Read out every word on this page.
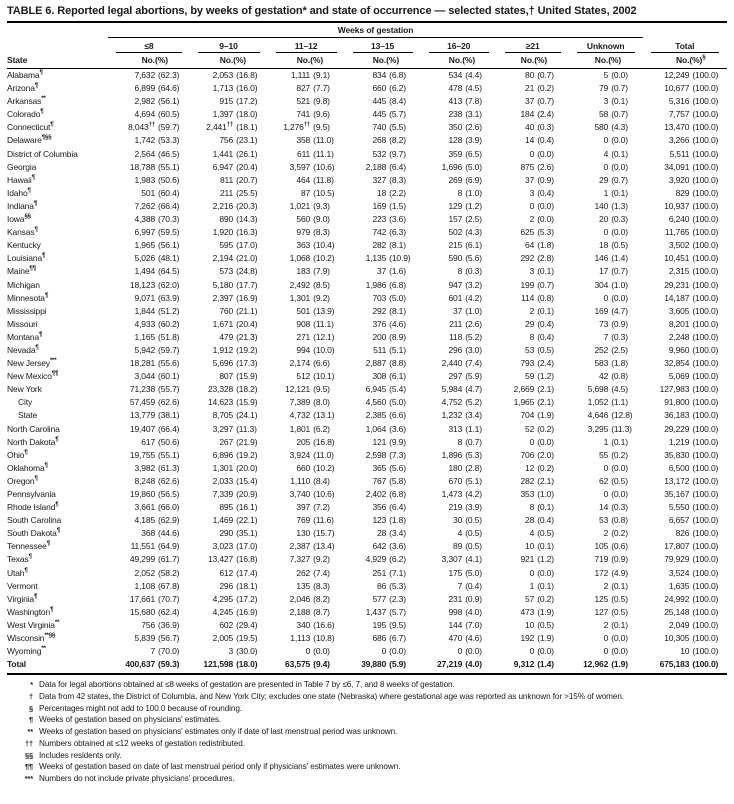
TABLE 6. Reported legal abortions, by weeks of gestation* and state of occurrence — selected states,† United States, 2002
	Weeks of gestation															

	≤8		9–10		11–12		13–15		16–20		≥21		Unknown		Total	

State	No.	(%)	No.	(%)	No.	(%)	No.	(%)	No.	(%)	No.	(%)	No.	(%)	No.	(%)§
Alabama¶	7,632	(62.3)	2,053	(16.8)	1,111	(9.1)	834	(6.8)	534	(4.4)	80	(0.7)	5	(0.0)	12,249	(100.0)
Arizona¶	6,899	(64.6)	1,713	(16.0)	827	(7.7)	660	(6.2)	478	(4.5)	21	(0.2)	79	(0.7)	10,677	(100.0)
Arkansas**	2,982	(56.1)	915	(17.2)	521	(9.8)	445	(8.4)	413	(7.8)	37	(0.7)	3	(0.1)	5,316	(100.0)
Colorado¶	4,694	(60.5)	1,397	(18.0)	741	(9.6)	445	(5.7)	238	(3.1)	184	(2.4)	58	(0.7)	7,757	(100.0)
Connecticut¶	8,043††	(59.7)	2,441††	(18.1)	1,276††	(9.5)	740	(5.5)	350	(2.6)	40	(0.3)	580	(4.3)	13,470	(100.0)
Delaware¶§§	1,742	(53.3)	756	(23.1)	358	(11.0)	268	(8.2)	128	(3.9)	14	(0.4)	0	(0.0)	3,266	(100.0)
District of Columbia	2,564	(46.5)	1,441	(26.1)	611	(11.1)	532	(9.7)	359	(6.5)	0	(0.0)	4	(0.1)	5,511	(100.0)
Georgia	18,788	(55.1)	6,947	(20.4)	3,597	(10.6)	2,188	(6.4)	1,696	(5.0)	875	(2.6)	0	(0.0)	34,091	(100.0)
Hawaii¶	1,983	(50.6)	811	(20.7)	464	(11.8)	327	(8.3)	269	(6.9)	37	(0.9)	29	(0.7)	3,920	(100.0)
Idaho¶	501	(60.4)	211	(25.5)	87	(10.5)	18	(2.2)	8	(1.0)	3	(0.4)	1	(0.1)	829	(100.0)
Indiana¶	7,262	(66.4)	2,216	(20.3)	1,021	(9.3)	169	(1.5)	129	(1.2)	0	(0.0)	140	(1.3)	10,937	(100.0)
Iowa§§	4,388	(70.3)	890	(14.3)	560	(9.0)	223	(3.6)	157	(2.5)	2	(0.0)	20	(0.3)	6,240	(100.0)
Kansas¶	6,997	(59.5)	1,920	(16.3)	979	(8.3)	742	(6.3)	502	(4.3)	625	(5.3)	0	(0.0)	11,765	(100.0)
Kentucky	1,965	(56.1)	595	(17.0)	363	(10.4)	282	(8.1)	215	(6.1)	64	(1.8)	18	(0.5)	3,502	(100.0)
Louisiana¶	5,026	(48.1)	2,194	(21.0)	1,068	(10.2)	1,135	(10.9)	590	(5.6)	292	(2.8)	146	(1.4)	10,451	(100.0)
Maine¶¶	1,494	(64.5)	573	(24.8)	183	(7.9)	37	(1.6)	8	(0.3)	3	(0.1)	17	(0.7)	2,315	(100.0)
Michigan	18,123	(62.0)	5,180	(17.7)	2,492	(8.5)	1,986	(6.8)	947	(3.2)	199	(0.7)	304	(1.0)	29,231	(100.0)
Minnesota¶	9,071	(63.9)	2,397	(16.9)	1,301	(9.2)	703	(5.0)	601	(4.2)	114	(0.8)	0	(0.0)	14,187	(100.0)
Mississippi	1,844	(51.2)	760	(21.1)	501	(13.9)	292	(8.1)	37	(1.0)	2	(0.1)	169	(4.7)	3,605	(100.0)
Missouri	4,933	(60.2)	1,671	(20.4)	908	(11.1)	376	(4.6)	211	(2.6)	29	(0.4)	73	(0.9)	8,201	(100.0)
Montana¶	1,165	(51.8)	479	(21.3)	271	(12.1)	200	(8.9)	118	(5.2)	8	(0.4)	7	(0.3)	2,248	(100.0)
Nevada¶	5,942	(59.7)	1,912	(19.2)	994	(10.0)	511	(5.1)	296	(3.0)	53	(0.5)	252	(2.5)	9,960	(100.0)
New Jersey***	18,281	(55.6)	5,696	(17.3)	2,174	(6.6)	2,887	(8.8)	2,440	(7.4)	793	(2.4)	583	(1.8)	32,854	(100.0)
New Mexico¶¶	3,044	(60.1)	807	(15.9)	512	(10.1)	308	(6.1)	297	(5.9)	59	(1.2)	42	(0.8)	5,069	(100.0)
New York	71,238	(55.7)	23,328	(18.2)	12,121	(9.5)	6,945	(5.4)	5,984	(4.7)	2,669	(2.1)	5,698	(4.5)	127,983	(100.0)
City	57,459	(62.6)	14,623	(15.9)	7,389	(8.0)	4,560	(5.0)	4,752	(5.2)	1,965	(2.1)	1,052	(1.1)	91,800	(100.0)
State	13,779	(38.1)	8,705	(24.1)	4,732	(13.1)	2,385	(6.6)	1,232	(3.4)	704	(1.9)	4,646	(12.8)	36,183	(100.0)
North Carolina	19,407	(66.4)	3,297	(11.3)	1,801	(6.2)	1,064	(3.6)	313	(1.1)	52	(0.2)	3,295	(11.3)	29,229	(100.0)
North Dakota¶	617	(50.6)	267	(21.9)	205	(16.8)	121	(9.9)	8	(0.7)	0	(0.0)	1	(0.1)	1,219	(100.0)
Ohio¶	19,755	(55.1)	6,896	(19.2)	3,924	(11.0)	2,598	(7.3)	1,896	(5.3)	706	(2.0)	55	(0.2)	35,830	(100.0)
Oklahoma¶	3,982	(61.3)	1,301	(20.0)	660	(10.2)	365	(5.6)	180	(2.8)	12	(0.2)	0	(0.0)	6,500	(100.0)
Oregon¶	8,248	(62.6)	2,033	(15.4)	1,110	(8.4)	767	(5.8)	670	(5.1)	282	(2.1)	62	(0.5)	13,172	(100.0)
Pennsylvania	19,860	(56.5)	7,339	(20.9)	3,740	(10.6)	2,402	(6.8)	1,473	(4.2)	353	(1.0)	0	(0.0)	35,167	(100.0)
Rhode Island¶	3,661	(66.0)	895	(16.1)	397	(7.2)	356	(6.4)	219	(3.9)	8	(0.1)	14	(0.3)	5,550	(100.0)
South Carolina	4,185	(62.9)	1,469	(22.1)	769	(11.6)	123	(1.8)	30	(0.5)	28	(0.4)	53	(0.8)	6,657	(100.0)
South Dakota¶	368	(44.6)	290	(35.1)	130	(15.7)	28	(3.4)	4	(0.5)	4	(0.5)	2	(0.2)	826	(100.0)
Tennessee¶	11,551	(64.9)	3,023	(17.0)	2,387	(13.4)	642	(3.6)	89	(0.5)	10	(0.1)	105	(0.6)	17,807	(100.0)
Texas¶	49,299	(61.7)	13,427	(16.8)	7,327	(9.2)	4,929	(6.2)	3,307	(4.1)	921	(1.2)	719	(0.9)	79,929	(100.0)
Utah¶	2,052	(58.2)	612	(17.4)	262	(7.4)	251	(7.1)	175	(5.0)	0	(0.0)	172	(4.9)	3,524	(100.0)
Vermont	1,108	(67.8)	296	(18.1)	135	(8.3)	86	(5.3)	7	(0.4)	1	(0.1)	2	(0.1)	1,635	(100.0)
Virginia¶	17,661	(70.7)	4,295	(17.2)	2,046	(8.2)	577	(2.3)	231	(0.9)	57	(0.2)	125	(0.5)	24,992	(100.0)
Washington¶	15,680	(62.4)	4,245	(16.9)	2,188	(8.7)	1,437	(5.7)	998	(4.0)	473	(1.9)	127	(0.5)	25,148	(100.0)
West Virginia**	756	(36.9)	602	(29.4)	340	(16.6)	195	(9.5)	144	(7.0)	10	(0.5)	2	(0.1)	2,049	(100.0)
Wisconsin**§§	5,839	(56.7)	2,005	(19.5)	1,113	(10.8)	686	(6.7)	470	(4.6)	192	(1.9)	0	(0.0)	10,305	(100.0)
Wyoming**	7	(70.0)	3	(30.0)	0	(0.0)	0	(0.0)	0	(0.0)	0	(0.0)	0	(0.0)	10	(100.0)
Total	400,637	(59.3)	121,598	(18.0)	63,575	(9.4)	39,880	(5.9)	27,219	(4.0)	9,312	(1.4)	12,962	(1.9)	675,183	(100.0)
* Data for legal abortions obtained at ≤8 weeks of gestation are presented in Table 7 by ≤6, 7, and 8 weeks of gestation.
† Data from 42 states, the District of Columbia, and New York City; excludes one state (Nebraska) where gestational age was reported as unknown for >15% of women.
§ Percentages might not add to 100.0 because of rounding.
¶ Weeks of gestation based on physicians' estimates.
** Weeks of gestation based on physicians' estimates only if date of last menstrual period was unknown.
†† Numbers obtained at ≤12 weeks of gestation redistributed.
§§ Includes residents only.
¶¶ Weeks of gestation based on date of last menstrual period only if physicians' estimates were unknown.
*** Numbers do not include private physicians' procedures.
